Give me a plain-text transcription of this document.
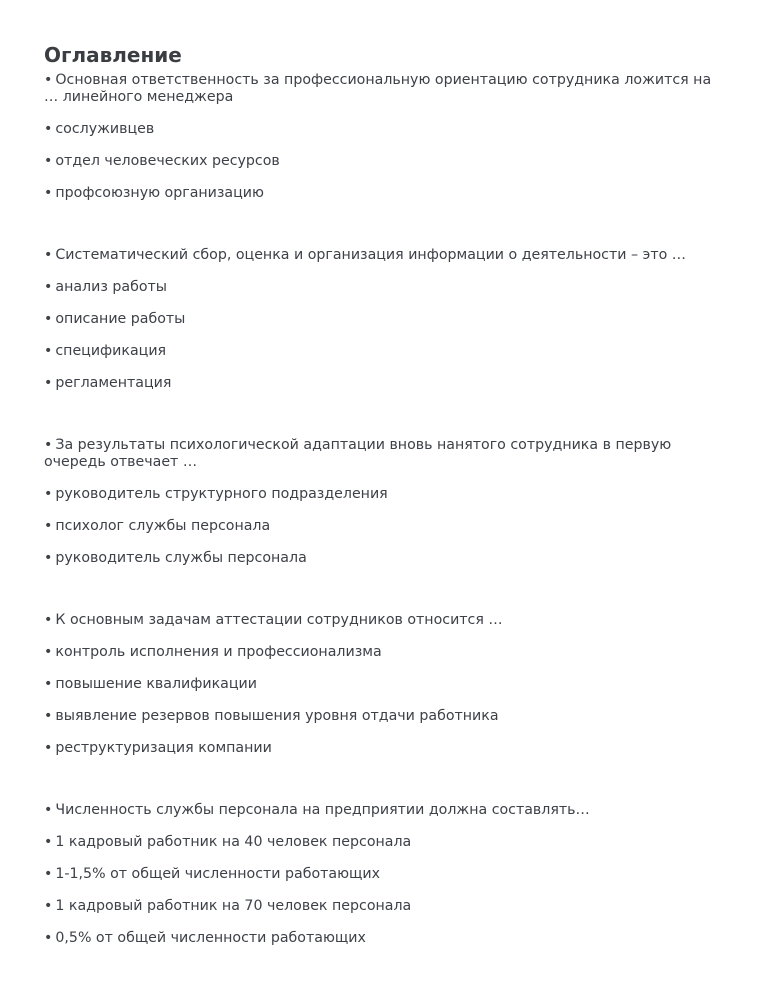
Оглавление
• Основная ответственность за профессиональную ориентацию сотрудника ложится на … линейного менеджера
• сослуживцев
• отдел человеческих ресурсов
• профсоюзную организацию
• Систематический сбор, оценка и организация информации о деятельности – это …
• анализ работы
• описание работы
• спецификация
• регламентация
• За результаты психологической адаптации вновь нанятого сотрудника в первую очередь отвечает …
• руководитель структурного подразделения
• психолог службы персонала
• руководитель службы персонала
• К основным задачам аттестации сотрудников относится …
• контроль исполнения и профессионализма
• повышение квалификации
• выявление резервов повышения уровня отдачи работника
• реструктуризация компании
• Численность службы персонала на предприятии должна составлять…
• 1 кадровый работник на 40 человек персонала
• 1-1,5% от общей численности работающих
• 1 кадровый работник на 70 человек персонала
• 0,5% от общей численности работающих
